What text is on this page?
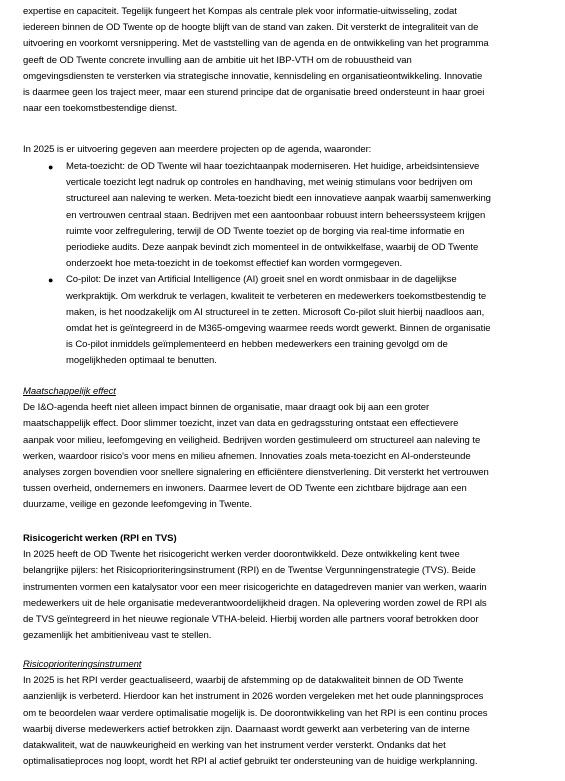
expertise en capaciteit. Tegelijk fungeert het Kompas als centrale plek voor informatie-uitwisseling, zodat

iedereen binnen de OD Twente op de hoogte blijft van de stand van zaken. Dit versterkt de integraliteit van de

uitvoering en voorkomt versnippering. Met de vaststelling van de agenda en de ontwikkeling van het programma

geeft de OD Twente concrete invulling aan de ambitie uit het IBP-VTH om de robuustheid van

omgevingsdiensten te versterken via strategische innovatie, kennisdeling en organisatieontwikkeling. Innovatie

is daarmee geen los traject meer, maar een sturend principe dat de organisatie breed ondersteunt in haar groei

naar een toekomstbestendige dienst.

In 2025 is er uitvoering gegeven aan meerdere projecten op de agenda, waaronder:

● Meta-toezicht: de OD Twente wil haar toezichtaanpak moderniseren. Het huidige, arbeidsintensieve

verticale toezicht legt nadruk op controles en handhaving, met weinig stimulans voor bedrijven om

structureel aan naleving te werken. Meta-toezicht biedt een innovatieve aanpak waarbij samenwerking

en vertrouwen centraal staan. Bedrijven met een aantoonbaar robuust intern beheerssysteem krijgen

ruimte voor zelfregulering, terwijl de OD Twente toeziet op de borging via real-time informatie en

periodieke audits. Deze aanpak bevindt zich momenteel in de ontwikkelfase, waarbij de OD Twente

onderzoekt hoe meta-toezicht in de toekomst effectief kan worden vormgegeven.

● Co-pilot: De inzet van Artificial Intelligence (AI) groeit snel en wordt onmisbaar in de dagelijkse

werkpraktijk. Om werkdruk te verlagen, kwaliteit te verbeteren en medewerkers toekomstbestendig te

maken, is het noodzakelijk om AI structureel in te zetten. Microsoft Co-pilot sluit hierbij naadloos aan,

omdat het is geïntegreerd in de M365-omgeving waarmee reeds wordt gewerkt. Binnen de organisatie

is Co-pilot inmiddels geïmplementeerd en hebben medewerkers een training gevolgd om de

mogelijkheden optimaal te benutten.

Maatschappelijk effect

De I&O-agenda heeft niet alleen impact binnen de organisatie, maar draagt ook bij aan een groter

maatschappelijk effect. Door slimmer toezicht, inzet van data en gedragssturing ontstaat een effectievere

aanpak voor milieu, leefomgeving en veiligheid. Bedrijven worden gestimuleerd om structureel aan naleving te

werken, waardoor risico's voor mens en milieu afnemen. Innovaties zoals meta-toezicht en AI-ondersteunde

analyses zorgen bovendien voor snellere signalering en efficiëntere dienstverlening. Dit versterkt het vertrouwen

tussen overheid, ondernemers en inwoners. Daarmee levert de OD Twente een zichtbare bijdrage aan een

duurzame, veilige en gezonde leefomgeving in Twente.

Risicogericht werken (RPI en TVS)

In 2025 heeft de OD Twente het risicogericht werken verder doorontwikkeld. Deze ontwikkeling kent twee

belangrijke pijlers: het Risicoprioriteringsinstrument (RPI) en de Twentse Vergunningenstrategie (TVS). Beide

instrumenten vormen een katalysator voor een meer risicogerichte en datagedreven manier van werken, waarin

medewerkers uit de hele organisatie medeverantwoordelijkheid dragen. Na oplevering worden zowel de RPI als

de TVS geïntegreerd in het nieuwe regionale VTHA-beleid. Hierbij worden alle partners vooraf betrokken door

gezamenlijk het ambitieniveau vast te stellen.

Risicoprioriteringsinstrument

In 2025 is het RPI verder geactualiseerd, waarbij de afstemming op de datakwaliteit binnen de OD Twente

aanzienlijk is verbeterd. Hierdoor kan het instrument in 2026 worden vergeleken met het oude planningsproces

om te beoordelen waar verdere optimalisatie mogelijk is. De doorontwikkeling van het RPI is een continu proces

waarbij diverse medewerkers actief betrokken zijn. Daarnaast wordt gewerkt aan verbetering van de interne

datakwaliteit, wat de nauwkeurigheid en werking van het instrument verder versterkt. Ondanks dat het

optimalisatieproces nog loopt, wordt het RPI al actief gebruikt ter ondersteuning van de huidige werkplanning.
